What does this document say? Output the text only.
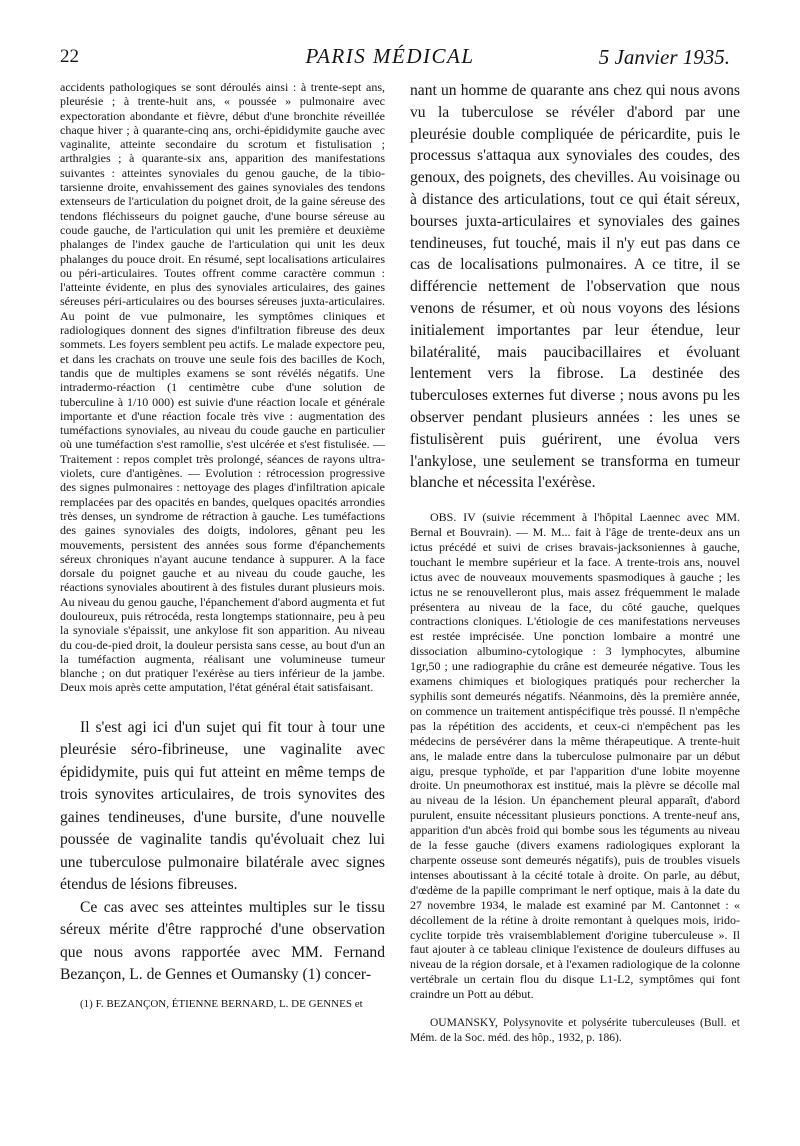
22	PARIS MÉDICAL	5 Janvier 1935.

accidents pathologiques se sont déroulés ainsi : à trente-sept ans, pleurésie ; à trente-huit ans, « poussée » pulmonaire avec expectoration abondante et fièvre, début d'une bronchite réveillée chaque hiver ; à quarante-cinq ans, orchi-épididymite gauche avec vaginalite, atteinte secondaire du scrotum et fistulisation ; arthralgies ; à quarante-six ans, apparition des manifestations suivantes : atteintes synoviales du genou gauche, de la tibio-tarsienne droite, envahissement des gaines synoviales des tendons extenseurs de l'articulation du poignet droit, de la gaine séreuse des tendons fléchisseurs du poignet gauche, d'une bourse séreuse au coude gauche, de l'articulation qui unit les première et deuxième phalanges de l'index gauche de l'articulation qui unit les deux phalanges du pouce droit. En résumé, sept localisations articulaires ou péri-articulaires. Toutes offrent comme caractère commun : l'atteinte évidente, en plus des synoviales articulaires, des gaines séreuses péri-articulaires ou des bourses séreuses juxta-articulaires. Au point de vue pulmonaire, les symptômes cliniques et radiologiques donnent des signes d'infiltration fibreuse des deux sommets. Les foyers semblent peu actifs. Le malade expectore peu, et dans les crachats on trouve une seule fois des bacilles de Koch, tandis que de multiples examens se sont révélés négatifs. Une intradermo-réaction (1 centimètre cube d'une solution de tuberculine à 1/10 000) est suivie d'une réaction locale et générale importante et d'une réaction focale très vive : augmentation des tuméfactions synoviales, au niveau du coude gauche en particulier où une tuméfaction s'est ramollie, s'est ulcérée et s'est fistulisée. — Traitement : repos complet très prolongé, séances de rayons ultra-violets, cure d'antigènes. — Evolution : rétrocession progressive des signes pulmonaires : nettoyage des plages d'infiltration apicale remplacées par des opacités en bandes, quelques opacités arrondies très denses, un syndrome de rétraction à gauche. Les tuméfactions des gaines synoviales des doigts, indolores, gênant peu les mouvements, persistent des années sous forme d'épanchements séreux chroniques n'ayant aucune tendance à suppurer. A la face dorsale du poignet gauche et au niveau du coude gauche, les réactions synoviales aboutirent à des fistules durant plusieurs mois. Au niveau du genou gauche, l'épanchement d'abord augmenta et fut douloureux, puis rétrocéda, resta longtemps stationnaire, peu à peu la synoviale s'épaissit, une ankylose fit son apparition. Au niveau du cou-de-pied droit, la douleur persista sans cesse, au bout d'un an la tuméfaction augmenta, réalisant une volumineuse tumeur blanche ; on dut pratiquer l'exérèse au tiers inférieur de la jambe. Deux mois après cette amputation, l'état général était satisfaisant.

Il s'est agi ici d'un sujet qui fit tour à tour une pleurésie séro-fibrineuse, une vaginalite avec épididymite, puis qui fut atteint en même temps de trois synovites articulaires, de trois synovites des gaines tendineuses, d'une bursite, d'une nouvelle poussée de vaginalite tandis qu'évoluait chez lui une tuberculose pulmonaire bilatérale avec signes étendus de lésions fibreuses.

Ce cas avec ses atteintes multiples sur le tissu séreux mérite d'être rapproché d'une observation que nous avons rapportée avec MM. Fernand Bezançon, L. de Gennes et Oumansky (1) concer-

(1) F. BEZANÇON, ÉTIENNE BERNARD, L. DE GENNES et

nant un homme de quarante ans chez qui nous avons vu la tuberculose se révéler d'abord par une pleurésie double compliquée de péricardite, puis le processus s'attaqua aux synoviales des coudes, des genoux, des poignets, des chevilles. Au voisinage ou à distance des articulations, tout ce qui était séreux, bourses juxta-articulaires et synoviales des gaines tendineuses, fut touché, mais il n'y eut pas dans ce cas de localisations pulmonaires. A ce titre, il se différencie nettement de l'observation que nous venons de résumer, et où nous voyons des lésions initialement importantes par leur étendue, leur bilatéralité, mais paucibacillaires et évoluant lentement vers la fibrose. La destinée des tuberculoses externes fut diverse ; nous avons pu les observer pendant plusieurs années : les unes se fistulisèrent puis guérirent, une évolua vers l'ankylose, une seulement se transforma en tumeur blanche et nécessita l'exérèse.

OBS. IV (suivie récemment à l'hôpital Laennec avec MM. Bernal et Bouvrain). — M. M... fait à l'âge de trente-deux ans un ictus précédé et suivi de crises bravais-jacksoniennes à gauche, touchant le membre supérieur et la face. A trente-trois ans, nouvel ictus avec de nouveaux mouvements spasmodiques à gauche ; les ictus ne se renouvelleront plus, mais assez fréquemment le malade présentera au niveau de la face, du côté gauche, quelques contractions cloniques. L'étiologie de ces manifestations nerveuses est restée imprécisée. Une ponction lombaire a montré une dissociation albumino-cytologique : 3 lymphocytes, albumine 1gr,50 ; une radiographie du crâne est demeurée négative. Tous les examens chimiques et biologiques pratiqués pour rechercher la syphilis sont demeurés négatifs. Néanmoins, dès la première année, on commence un traitement antispécifique très poussé. Il n'empêche pas la répétition des accidents, et ceux-ci n'empêchent pas les médecins de persévérer dans la même thérapeutique. A trente-huit ans, le malade entre dans la tuberculose pulmonaire par un début aigu, presque typhoïde, et par l'apparition d'une lobite moyenne droite. Un pneumothorax est institué, mais la plèvre se décolle mal au niveau de la lésion. Un épanchement pleural apparaît, d'abord purulent, ensuite nécessitant plusieurs ponctions. A trente-neuf ans, apparition d'un abcès froid qui bombe sous les téguments au niveau de la fesse gauche (divers examens radiologiques explorant la charpente osseuse sont demeurés négatifs), puis de troubles visuels intenses aboutissant à la cécité totale à droite. On parle, au début, d'œdème de la papille comprimant le nerf optique, mais à la date du 27 novembre 1934, le malade est examiné par M. Cantonnet : « décollement de la rétine à droite remontant à quelques mois, irido-cyclite torpide très vraisemblablement d'origine tuberculeuse ». Il faut ajouter à ce tableau clinique l'existence de douleurs diffuses au niveau de la région dorsale, et à l'examen radiologique de la colonne vertébrale un certain flou du disque L1-L2, symptômes qui font craindre un Pott au début.

OUMANSKY, Polysynovite et polysérite tuberculeuses (Bull. et Mém. de la Soc. méd. des hôp., 1932, p. 186).
